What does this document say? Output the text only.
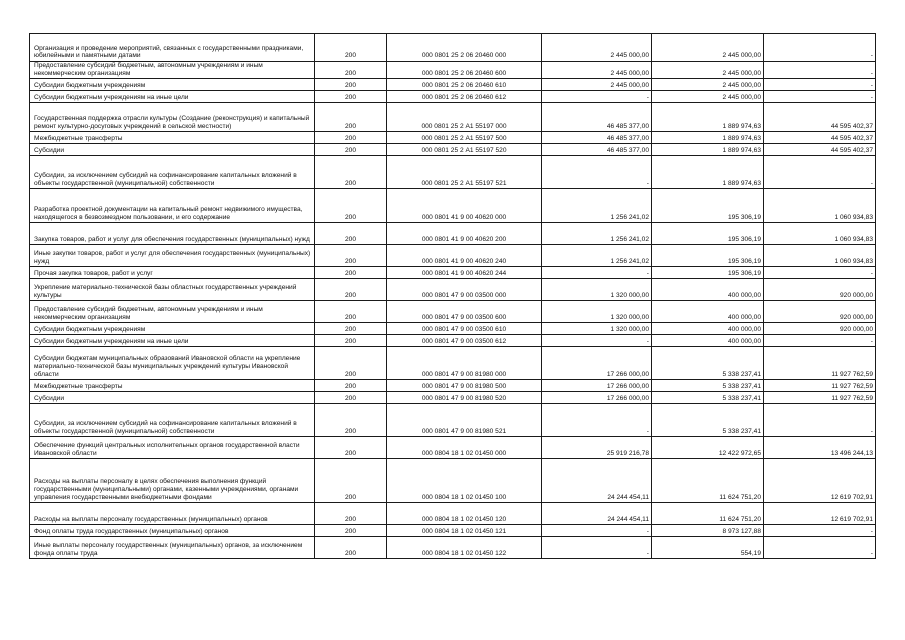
Организация и проведение мероприятий, связанных с государственными праздниками, юбилейными и памятными датами	200	000 0801 25 2 06 20460 000	2 445 000,00	2 445 000,00	-
Предоставление субсидий бюджетным, автономным учреждениям и иным некоммерческим организациям	200	000 0801 25 2 06 20460 600	2 445 000,00	2 445 000,00	-
Субсидии бюджетным учреждениям	200	000 0801 25 2 06 20460 610	2 445 000,00	2 445 000,00	-
Субсидии бюджетным учреждениям на иные цели	200	000 0801 25 2 06 20460 612	-	2 445 000,00	-
Государственная поддержка отрасли культуры (Создание (реконструкция) и капитальный ремонт культурно-досуговых учреждений в сельской местности)	200	000 0801 25 2 А1 55197 000	46 485 377,00	1 889 974,63	44 595 402,37
Межбюджетные трансферты	200	000 0801 25 2 А1 55197 500	46 485 377,00	1 889 974,63	44 595 402,37
Субсидии	200	000 0801 25 2 А1 55197 520	46 485 377,00	1 889 974,63	44 595 402,37
Субсидии, за исключением субсидий на софинансирование капитальных вложений в объекты государственной (муниципальной) собственности	200	000 0801 25 2 А1 55197 521	-	1 889 974,63	-
Разработка проектной документации на капитальный ремонт недвижимого имущества, находящегося в безвозмездном пользовании, и его содержание	200	000 0801 41 9 00 40620 000	1 256 241,02	195 306,19	1 060 934,83
Закупка товаров, работ и услуг для обеспечения государственных (муниципальных) нужд	200	000 0801 41 9 00 40620 200	1 256 241,02	195 306,19	1 060 934,83
Иные закупки товаров, работ и услуг для обеспечения государственных (муниципальных) нужд	200	000 0801 41 9 00 40620 240	1 256 241,02	195 306,19	1 060 934,83
Прочая закупка товаров, работ и услуг	200	000 0801 41 9 00 40620 244	-	195 306,19	-
Укрепление материально-технической базы областных государственных учреждений культуры	200	000 0801 47 9 00 03500 000	1 320 000,00	400 000,00	920 000,00
Предоставление субсидий бюджетным, автономным учреждениям и иным некоммерческим организациям	200	000 0801 47 9 00 03500 600	1 320 000,00	400 000,00	920 000,00
Субсидии бюджетным учреждениям	200	000 0801 47 9 00 03500 610	1 320 000,00	400 000,00	920 000,00
Субсидии бюджетным учреждениям на иные цели	200	000 0801 47 9 00 03500 612	-	400 000,00	-
Субсидии бюджетам муниципальных образований Ивановской области на укрепление материально-технической базы муниципальных учреждений культуры Ивановской области	200	000 0801 47 9 00 81980 000	17 266 000,00	5 338 237,41	11 927 762,59
Межбюджетные трансферты	200	000 0801 47 9 00 81980 500	17 266 000,00	5 338 237,41	11 927 762,59
Субсидии	200	000 0801 47 9 00 81980 520	17 266 000,00	5 338 237,41	11 927 762,59
Субсидии, за исключением субсидий на софинансирование капитальных вложений в объекты государственной (муниципальной) собственности	200	000 0801 47 9 00 81980 521	-	5 338 237,41	-
Обеспечение функций центральных исполнительных органов государственной власти Ивановской области	200	000 0804 18 1 02 01450 000	25 919 216,78	12 422 972,65	13 496 244,13
Расходы на выплаты персоналу в целях обеспечения выполнения функций государственными (муниципальными) органами, казенными учреждениями, органами управления государственными внебюджетными фондами	200	000 0804 18 1 02 01450 100	24 244 454,11	11 624 751,20	12 619 702,91
Расходы на выплаты персоналу государственных (муниципальных) органов	200	000 0804 18 1 02 01450 120	24 244 454,11	11 624 751,20	12 619 702,91
Фонд оплаты труда государственных (муниципальных) органов	200	000 0804 18 1 02 01450 121	-	8 973 127,88	-
Иные выплаты персоналу государственных (муниципальных) органов, за исключением фонда оплаты труда	200	000 0804 18 1 02 01450 122	-	554,19	-
